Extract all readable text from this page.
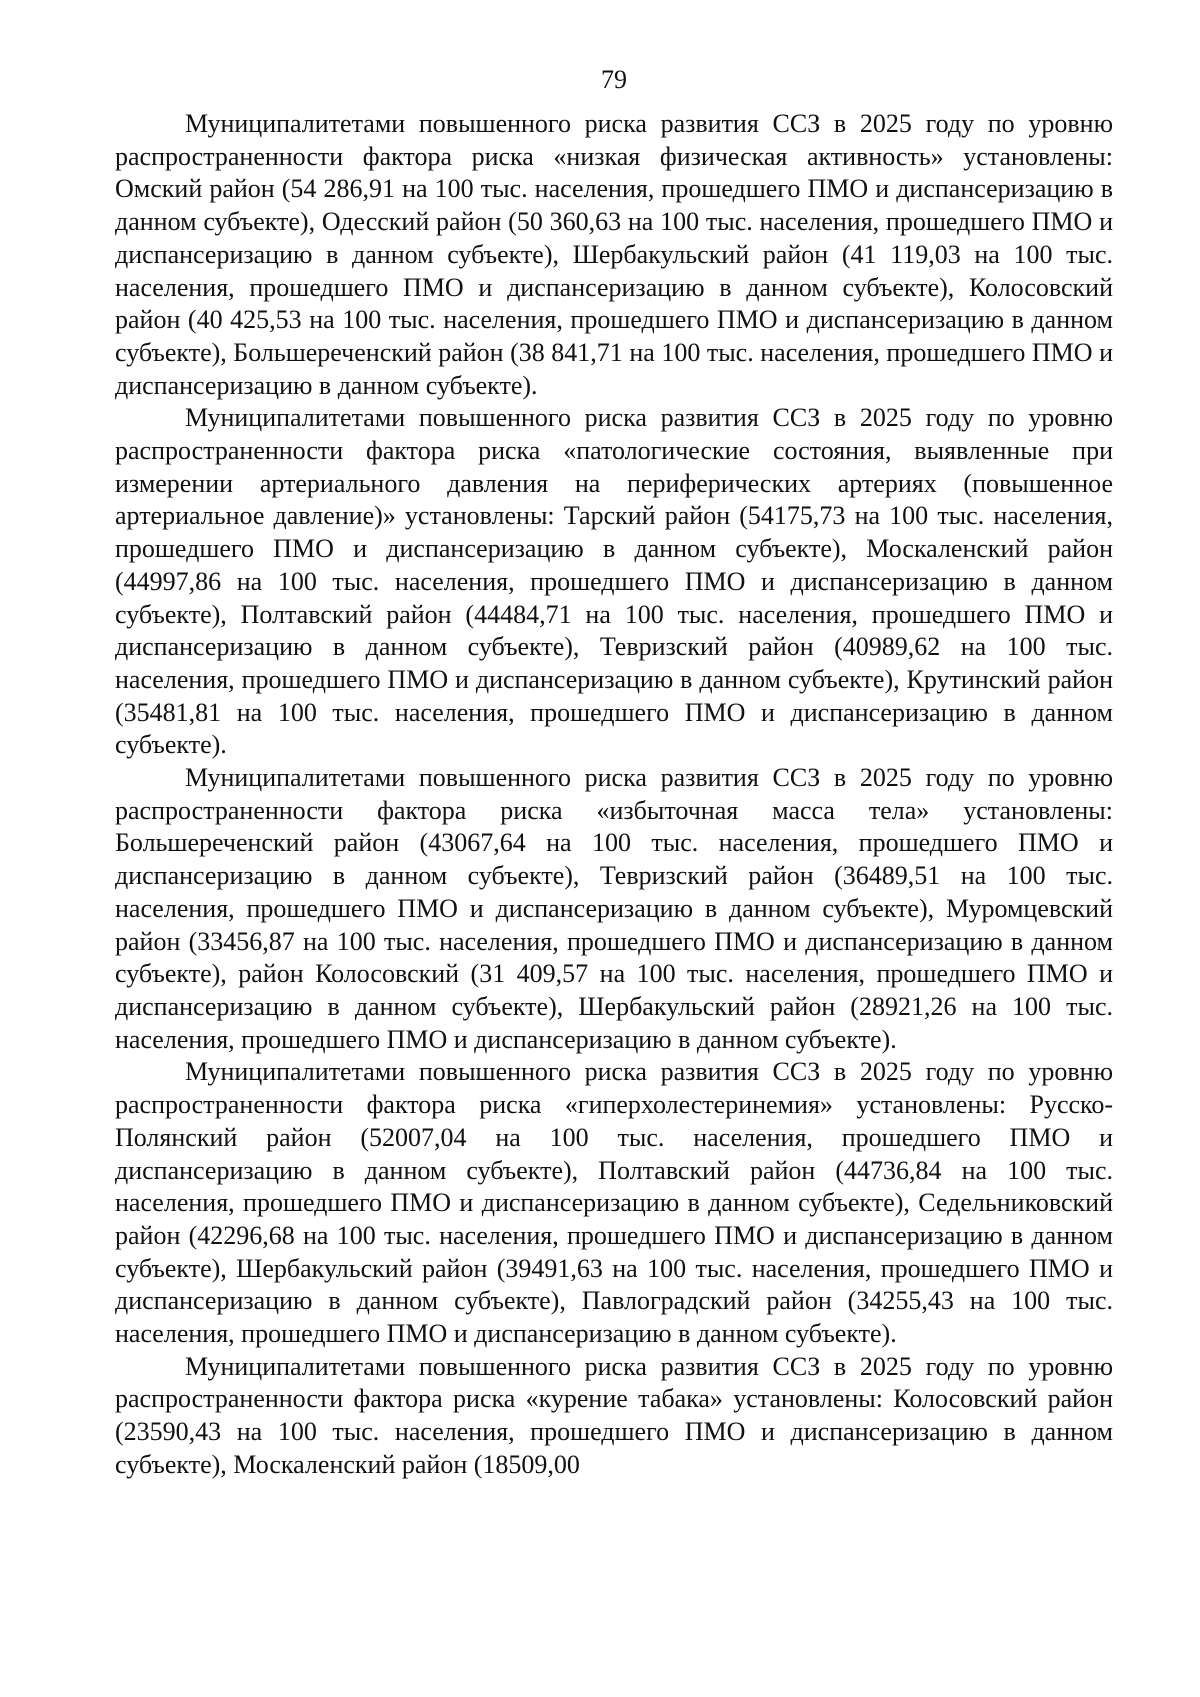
79

Муниципалитетами повышенного риска развития ССЗ в 2025 году по уровню распространенности фактора риска «низкая физическая активность» установлены: Омский район (54 286,91 на 100 тыс. населения, прошедшего ПМО и диспансеризацию в данном субъекте), Одесский район (50 360,63 на 100 тыс. населения, прошедшего ПМО и диспансеризацию в данном субъекте), Шербакульский район (41 119,03 на 100 тыс. населения, прошедшего ПМО и диспансеризацию в данном субъекте), Колосовский район (40 425,53 на 100 тыс. населения, прошедшего ПМО и диспансеризацию в данном субъекте), Большереченский район (38 841,71 на 100 тыс. населения, прошедшего ПМО и диспансеризацию в данном субъекте).

Муниципалитетами повышенного риска развития ССЗ в 2025 году по уровню распространенности фактора риска «патологические состояния, выявленные при измерении артериального давления на периферических артериях (повышенное артериальное давление)» установлены: Тарский район (54175,73 на 100 тыс. населения, прошедшего ПМО и диспансеризацию в данном субъекте), Москаленский район (44997,86 на 100 тыс. населения, прошедшего ПМО и диспансеризацию в данном субъекте), Полтавский район (44484,71 на 100 тыс. населения, прошедшего ПМО и диспансеризацию в данном субъекте), Тевризский район (40989,62 на 100 тыс. населения, прошедшего ПМО и диспансеризацию в данном субъекте), Крутинский район (35481,81 на 100 тыс. населения, прошедшего ПМО и диспансеризацию в данном субъекте).

Муниципалитетами повышенного риска развития ССЗ в 2025 году по уровню распространенности фактора риска «избыточная масса тела» установлены: Большереченский район (43067,64 на 100 тыс. населения, прошедшего ПМО и диспансеризацию в данном субъекте), Тевризский район (36489,51 на 100 тыс. населения, прошедшего ПМО и диспансеризацию в данном субъекте), Муромцевский район (33456,87 на 100 тыс. населения, прошедшего ПМО и диспансеризацию в данном субъекте), район Колосовский (31 409,57 на 100 тыс. населения, прошедшего ПМО и диспансеризацию в данном субъекте), Шербакульский район (28921,26 на 100 тыс. населения, прошедшего ПМО и диспансеризацию в данном субъекте).

Муниципалитетами повышенного риска развития ССЗ в 2025 году по уровню распространенности фактора риска «гиперхолестеринемия» установлены: Русско-Полянский район (52007,04 на 100 тыс. населения, прошедшего ПМО и диспансеризацию в данном субъекте), Полтавский район (44736,84 на 100 тыс. населения, прошедшего ПМО и диспансеризацию в данном субъекте), Седельниковский район (42296,68 на 100 тыс. населения, прошедшего ПМО и диспансеризацию в данном субъекте), Шербакульский район (39491,63 на 100 тыс. населения, прошедшего ПМО и диспансеризацию в данном субъекте), Павлоградский район (34255,43 на 100 тыс. населения, прошедшего ПМО и диспансеризацию в данном субъекте).

Муниципалитетами повышенного риска развития ССЗ в 2025 году по уровню распространенности фактора риска «курение табака» установлены: Колосовский район (23590,43 на 100 тыс. населения, прошедшего ПМО и диспансеризацию в данном субъекте), Москаленский район (18509,00
